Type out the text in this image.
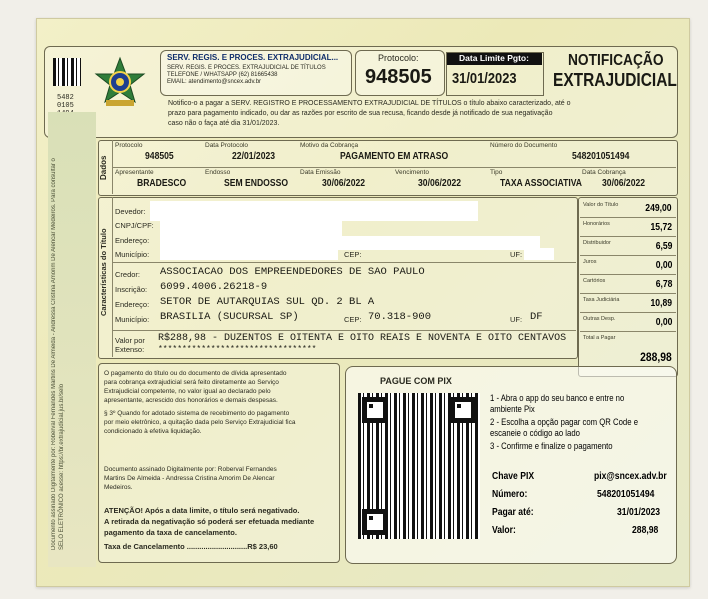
5482
0105

SERV. REGIS. E PROCES. EXTRAJUDICIAL...
SERV. REGIS. E PROCES. EXTRAJUDICIAL DE TÍTULOS
TELEFONE / WHATSAPP (62) 81665438
EMAIL: atendimento@sncex.adv.br
Protocolo:
948505
Data Limite Pgto:
31/01/2023
NOTIFICAÇÃO
EXTRAJUDICIAL
Notifico-o a pagar a SERV. REGISTRO E PROCESSAMENTO EXTRAJUDICIAL DE TÍTULOS o título abaixo caracterizado, até o
prazo para pagamento indicado, ou dar as razões por escrito de sua recusa, ficando desde já notificado de sua negativação
caso não o faça até dia 31/01/2023.
Documento assinado Digitalmente por: Roberval Fernandes Martins De Almeida - Andressa Cristina Amorim De Alencar Medeiros. Para consultar o SELO ELETRÔNICO acesse: https://br.extrajudicial.jus.br/selo
Dados
Protocolo
948505
Data Protocolo
22/01/2023
Motivo da Cobrança
PAGAMENTO EM ATRASO
Número do Documento
548201051494
Apresentante
BRADESCO
Endosso
SEM ENDOSSO
Data Emissão
30/06/2022
Vencimento
30/06/2022
Tipo
TAXA ASSOCIATIVA
Data Cobrança
30/06/2022
Características do Título
Devedor:
CNPJ/CPF:
Endereço:
Município:	CEP:	UF:
Credor: ASSOCIACAO DOS EMPREENDEDORES DE SAO PAULO
Inscrição: 6099.4006.26218-9
Endereço: SETOR DE AUTARQUIAS SUL QD. 2 BL A
Município: BRASILIA (SUCURSAL SP)	CEP: 70.318-900	UF: DF
Valor por Extenso:
R$288,98 - DUZENTOS E OITENTA E OITO REAIS E NOVENTA E OITO CENTAVOS
*********************************
Valor do Título	249,00
Honorários	15,72
Distribuidor	6,59
Juros	0,00
Cartórios	6,78
Taxa Judiciária	10,89
Outras Desp.	0,00
Total a Pagar
288,98
O pagamento do título ou do documento de dívida apresentado
para cobrança extrajudicial será feito diretamente ao Serviço
Extrajudicial competente, no valor igual ao declarado pelo
apresentante, acrescido dos honorários e demais despesas.
§ 3º Quando for adotado sistema de recebimento do pagamento
por meio eletrônico, a quitação dada pelo Serviço Extrajudicial fica
condicionado à efetiva liquidação.
Documento assinado Digitalmente por: Roberval Fernandes
Martins De Almeida - Andressa Cristina Amorim De Alencar
Medeiros.
ATENÇÃO! Após a data limite, o título será negativado.
A retirada da negativação só poderá ser efetuada mediante
pagamento da taxa de cancelamento.
Taxa de Cancelamento .............................R$ 23,60
PAGUE COM PIX
1 - Abra o app do seu banco e entre no
ambiente Pix
2 - Escolha a opção pagar com QR Code e
escaneie o código ao lado
3 - Confirme e finalize o pagamento
Chave PIX	pix@sncex.adv.br
Número:	548201051494
Pagar até:	31/01/2023
Valor:	288,98
